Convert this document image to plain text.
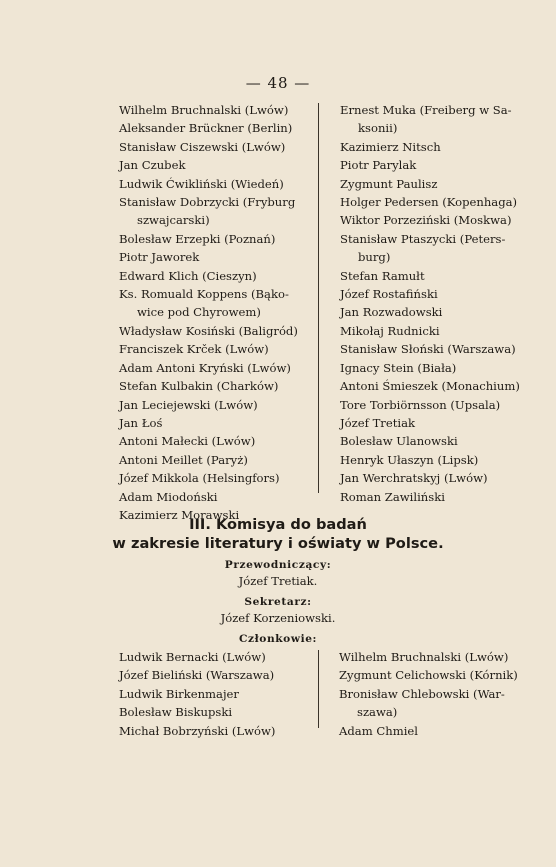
— 48 —
Wilhelm Bruchnalski (Lwów)
Aleksander Brückner (Berlin)
Stanisław Ciszewski (Lwów)
Jan Czubek
Ludwik Ćwikliński (Wiedeń)
Stanisław Dobrzycki (Fryburg
szwajcarski)
Bolesław Erzepki (Poznań)
Piotr Jaworek
Edward Klich (Cieszyn)
Ks. Romuald Koppens (Bąko-
wice pod Chyrowem)
Władysław Kosiński (Baligród)
Franciszek Krček (Lwów)
Adam Antoni Kryński (Lwów)
Stefan Kulbakin (Charków)
Jan Leciejewski (Lwów)
Jan Łoś
Antoni Małecki (Lwów)
Antoni Meillet (Paryż)
Józef Mikkola (Helsingfors)
Adam Miodoński
Kazimierz Morawski
Ernest Muka (Freiberg w Sa-
ksonii)
Kazimierz Nitsch
Piotr Parylak
Zygmunt Paulisz
Holger Pedersen (Kopenhaga)
Wiktor Porzeziński (Moskwa)
Stanisław Ptaszycki (Peters-
burg)
Stefan Ramułt
Józef Rostafiński
Jan Rozwadowski
Mikołaj Rudnicki
Stanisław Słoński (Warszawa)
Ignacy Stein (Biała)
Antoni Śmieszek (Monachium)
Tore Torbiörnsson (Upsala)
Józef Tretiak
Bolesław Ulanowski
Henryk Ułaszyn (Lipsk)
Jan Werchratskyj (Lwów)
Roman Zawiliński
III. Komisya do badań
w zakresie literatury i oświaty w Polsce.
Przewodniczący:
Józef Tretiak.
Sekretarz:
Józef Korzeniowski.
Członkowie:
Ludwik Bernacki (Lwów)
Józef Bieliński (Warszawa)
Ludwik Birkenmajer
Bolesław Biskupski
Michał Bobrzyński (Lwów)
Wilhelm Bruchnalski (Lwów)
Zygmunt Celichowski (Kórnik)
Bronisław Chlebowski (War-
szawa)
Adam Chmiel
